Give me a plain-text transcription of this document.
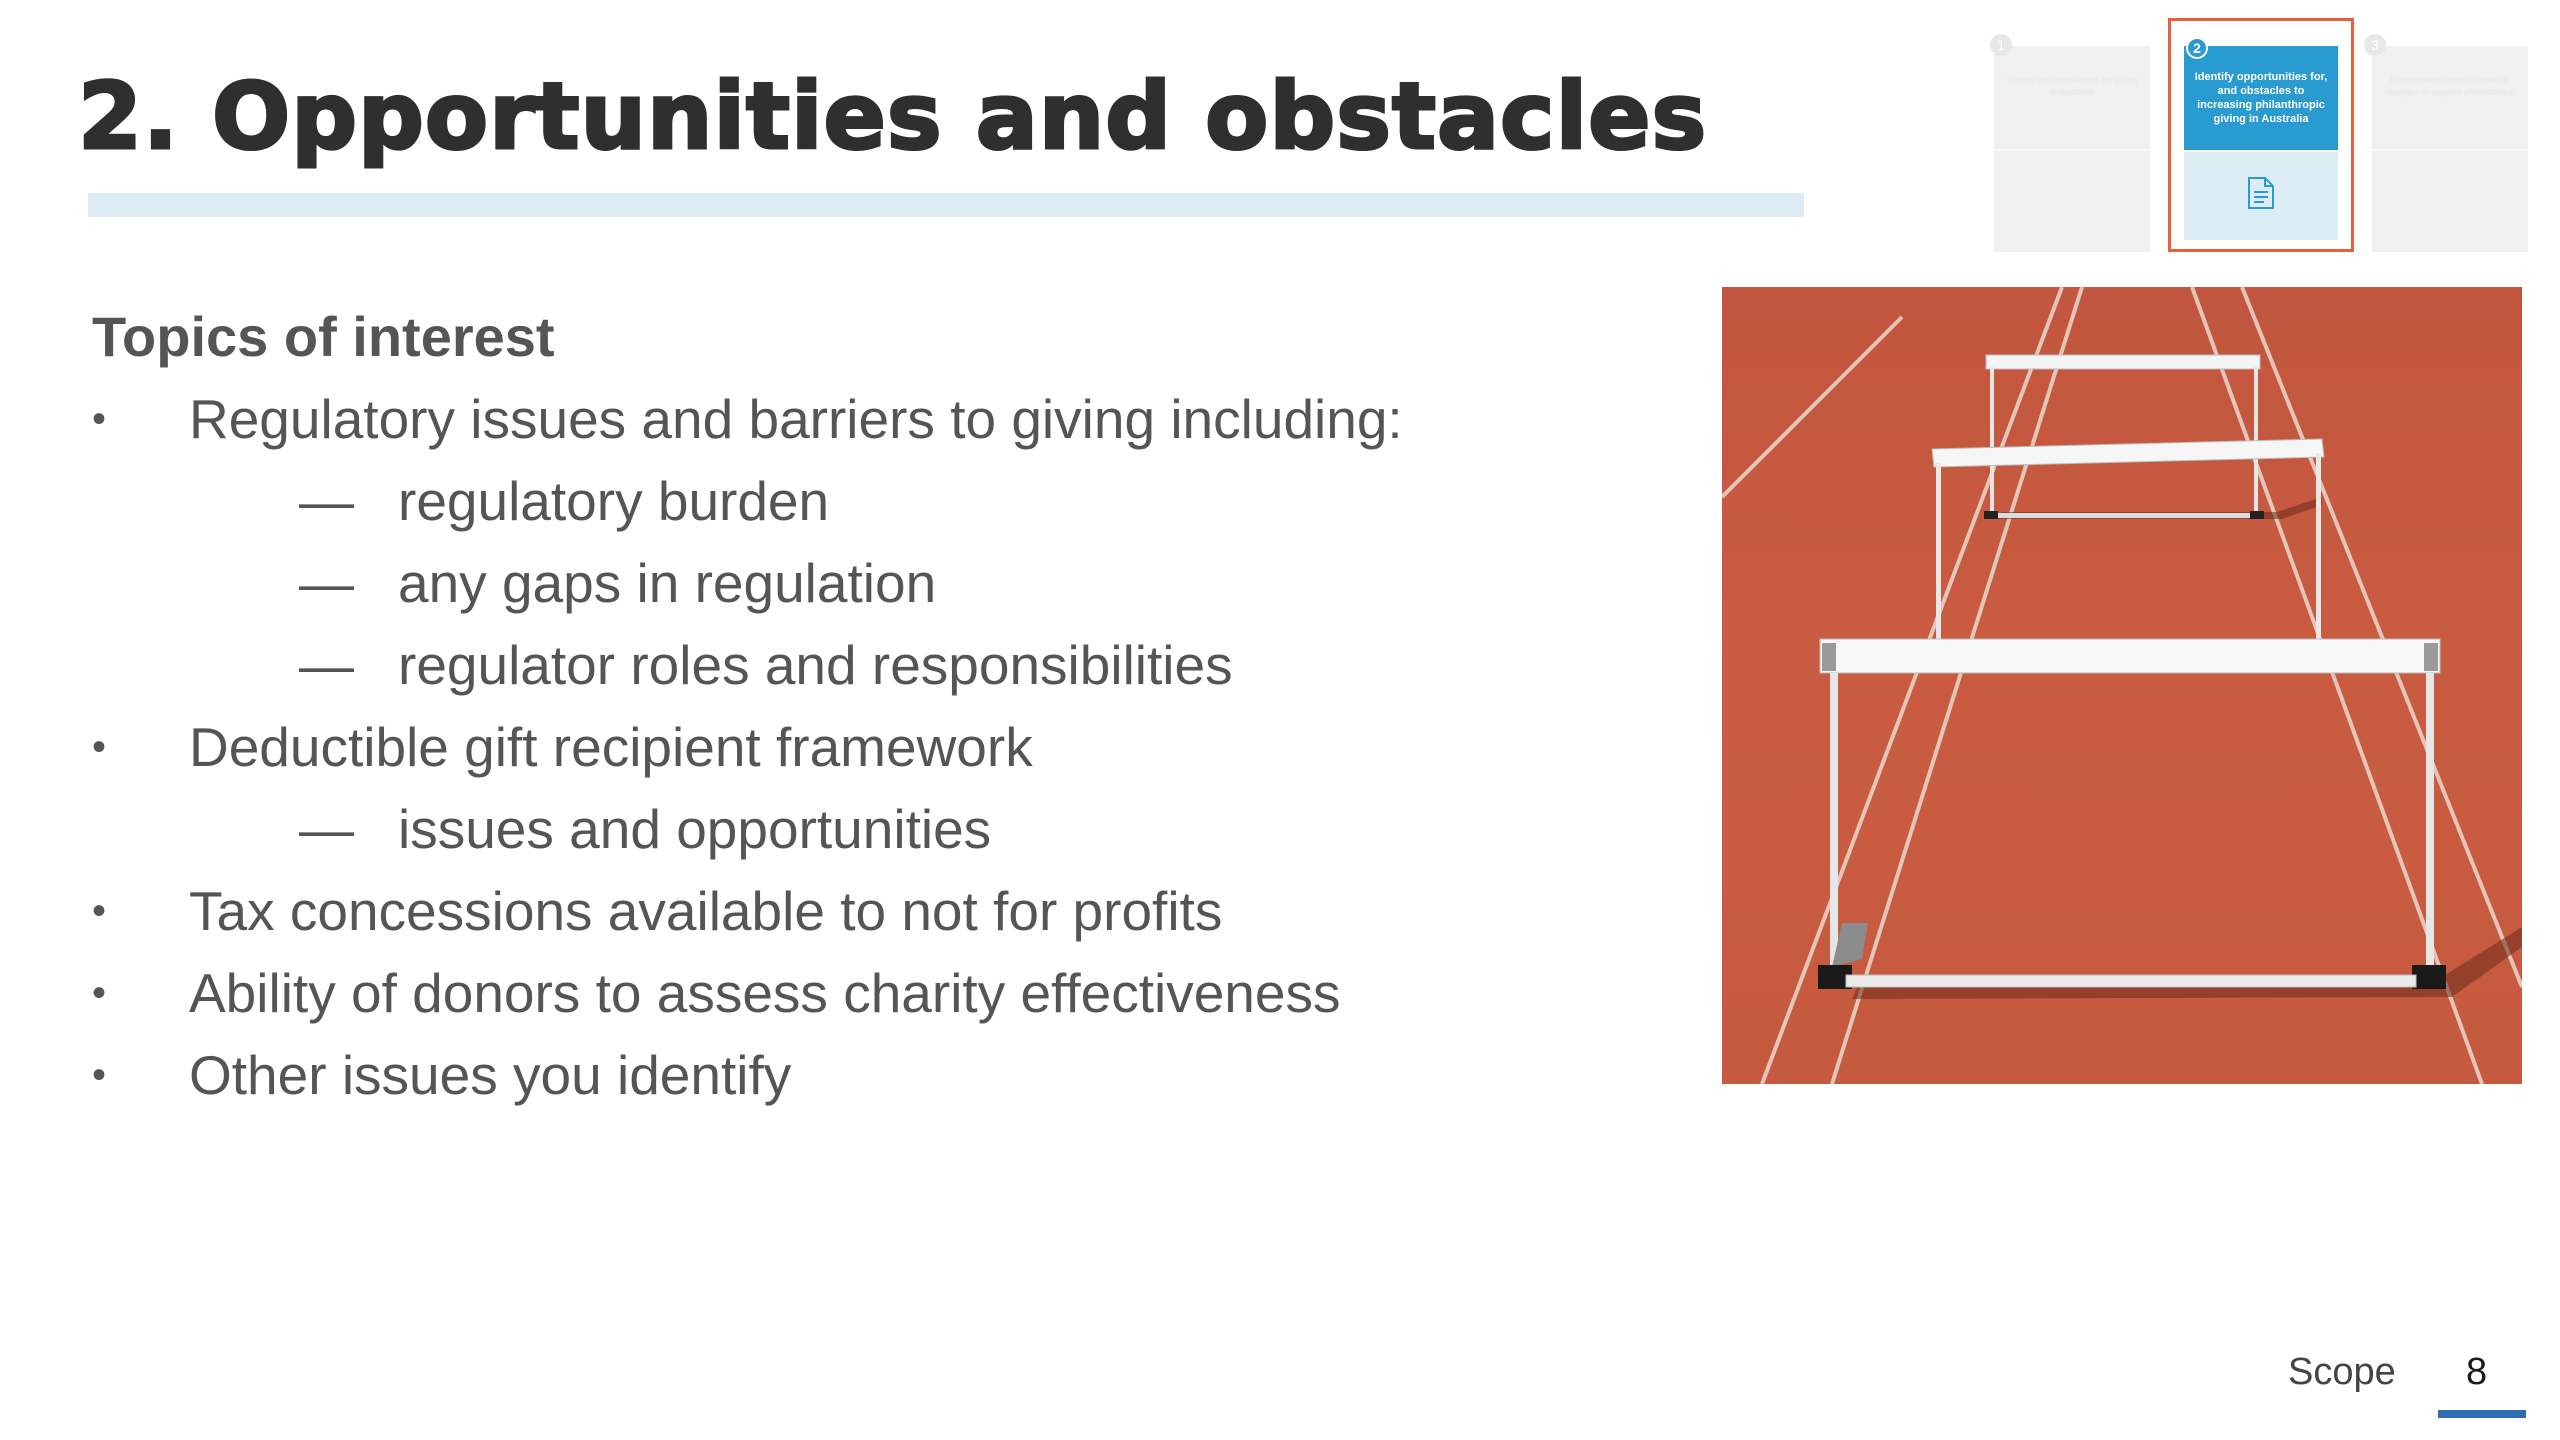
2. Opportunities and obstacles
Topics of interest
• Regulatory issues and barriers to giving including:
— regulatory burden
— any gaps in regulation
— regulator roles and responsibilities
• Deductible gift recipient framework
— issues and opportunities
• Tax concessions available to not for profits
• Ability of donors to assess charity effectiveness
• Other issues you identify
Trends and motivations for giving in Australia
1
Recommendations on specific changes to support philanthropic
3
Identify opportunities for, and obstacles to increasing philanthropic giving in Australia
2
Scope 8
